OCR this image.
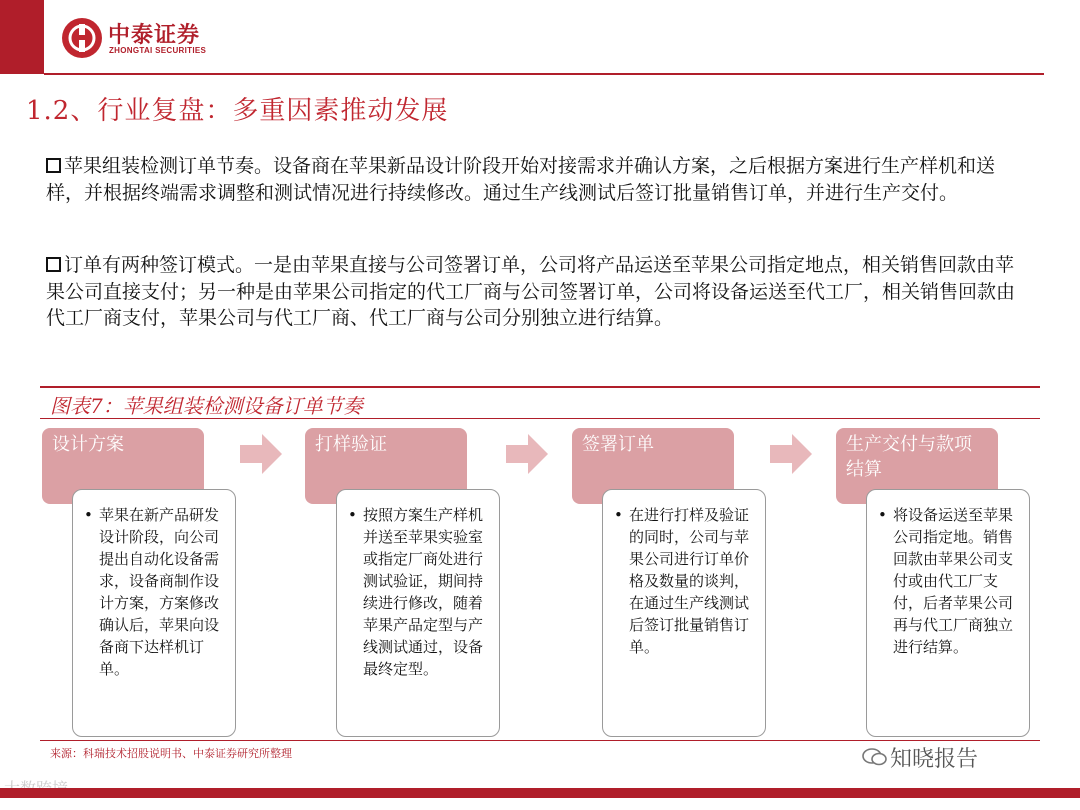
中泰证券
ZHONGTAI SECURITIES
1.2、行业复盘：多重因素推动发展
苹果组装检测订单节奏。设备商在苹果新品设计阶段开始对接需求并确认方案，之后根据方案进行生产样机和送样，并根据终端需求调整和测试情况进行持续修改。通过生产线测试后签订批量销售订单，并进行生产交付。
订单有两种签订模式。一是由苹果直接与公司签署订单，公司将产品运送至苹果公司指定地点，相关销售回款由苹果公司直接支付；另一种是由苹果公司指定的代工厂商与公司签署订单，公司将设备运送至代工厂，相关销售回款由代工厂商支付，苹果公司与代工厂商、代工厂商与公司分别独立进行结算。
图表7：苹果组装检测设备订单节奏
设计方案
• 苹果在新产品研发设计阶段，向公司提出自动化设备需求，设备商制作设计方案，方案修改确认后，苹果向设备商下达样机订单。
打样验证
• 按照方案生产样机并送至苹果实验室或指定厂商处进行测试验证，期间持续进行修改，随着苹果产品定型与产线测试通过，设备最终定型。
签署订单
• 在进行打样及验证的同时，公司与苹果公司进行订单价格及数量的谈判，在通过生产线测试后签订批量销售订单。
生产交付与款项结算
• 将设备运送至苹果公司指定地。销售回款由苹果公司支付或由代工厂支付，后者苹果公司再与代工厂商独立进行结算。
来源：科瑞技术招股说明书、中泰证券研究所整理	知晓报告
